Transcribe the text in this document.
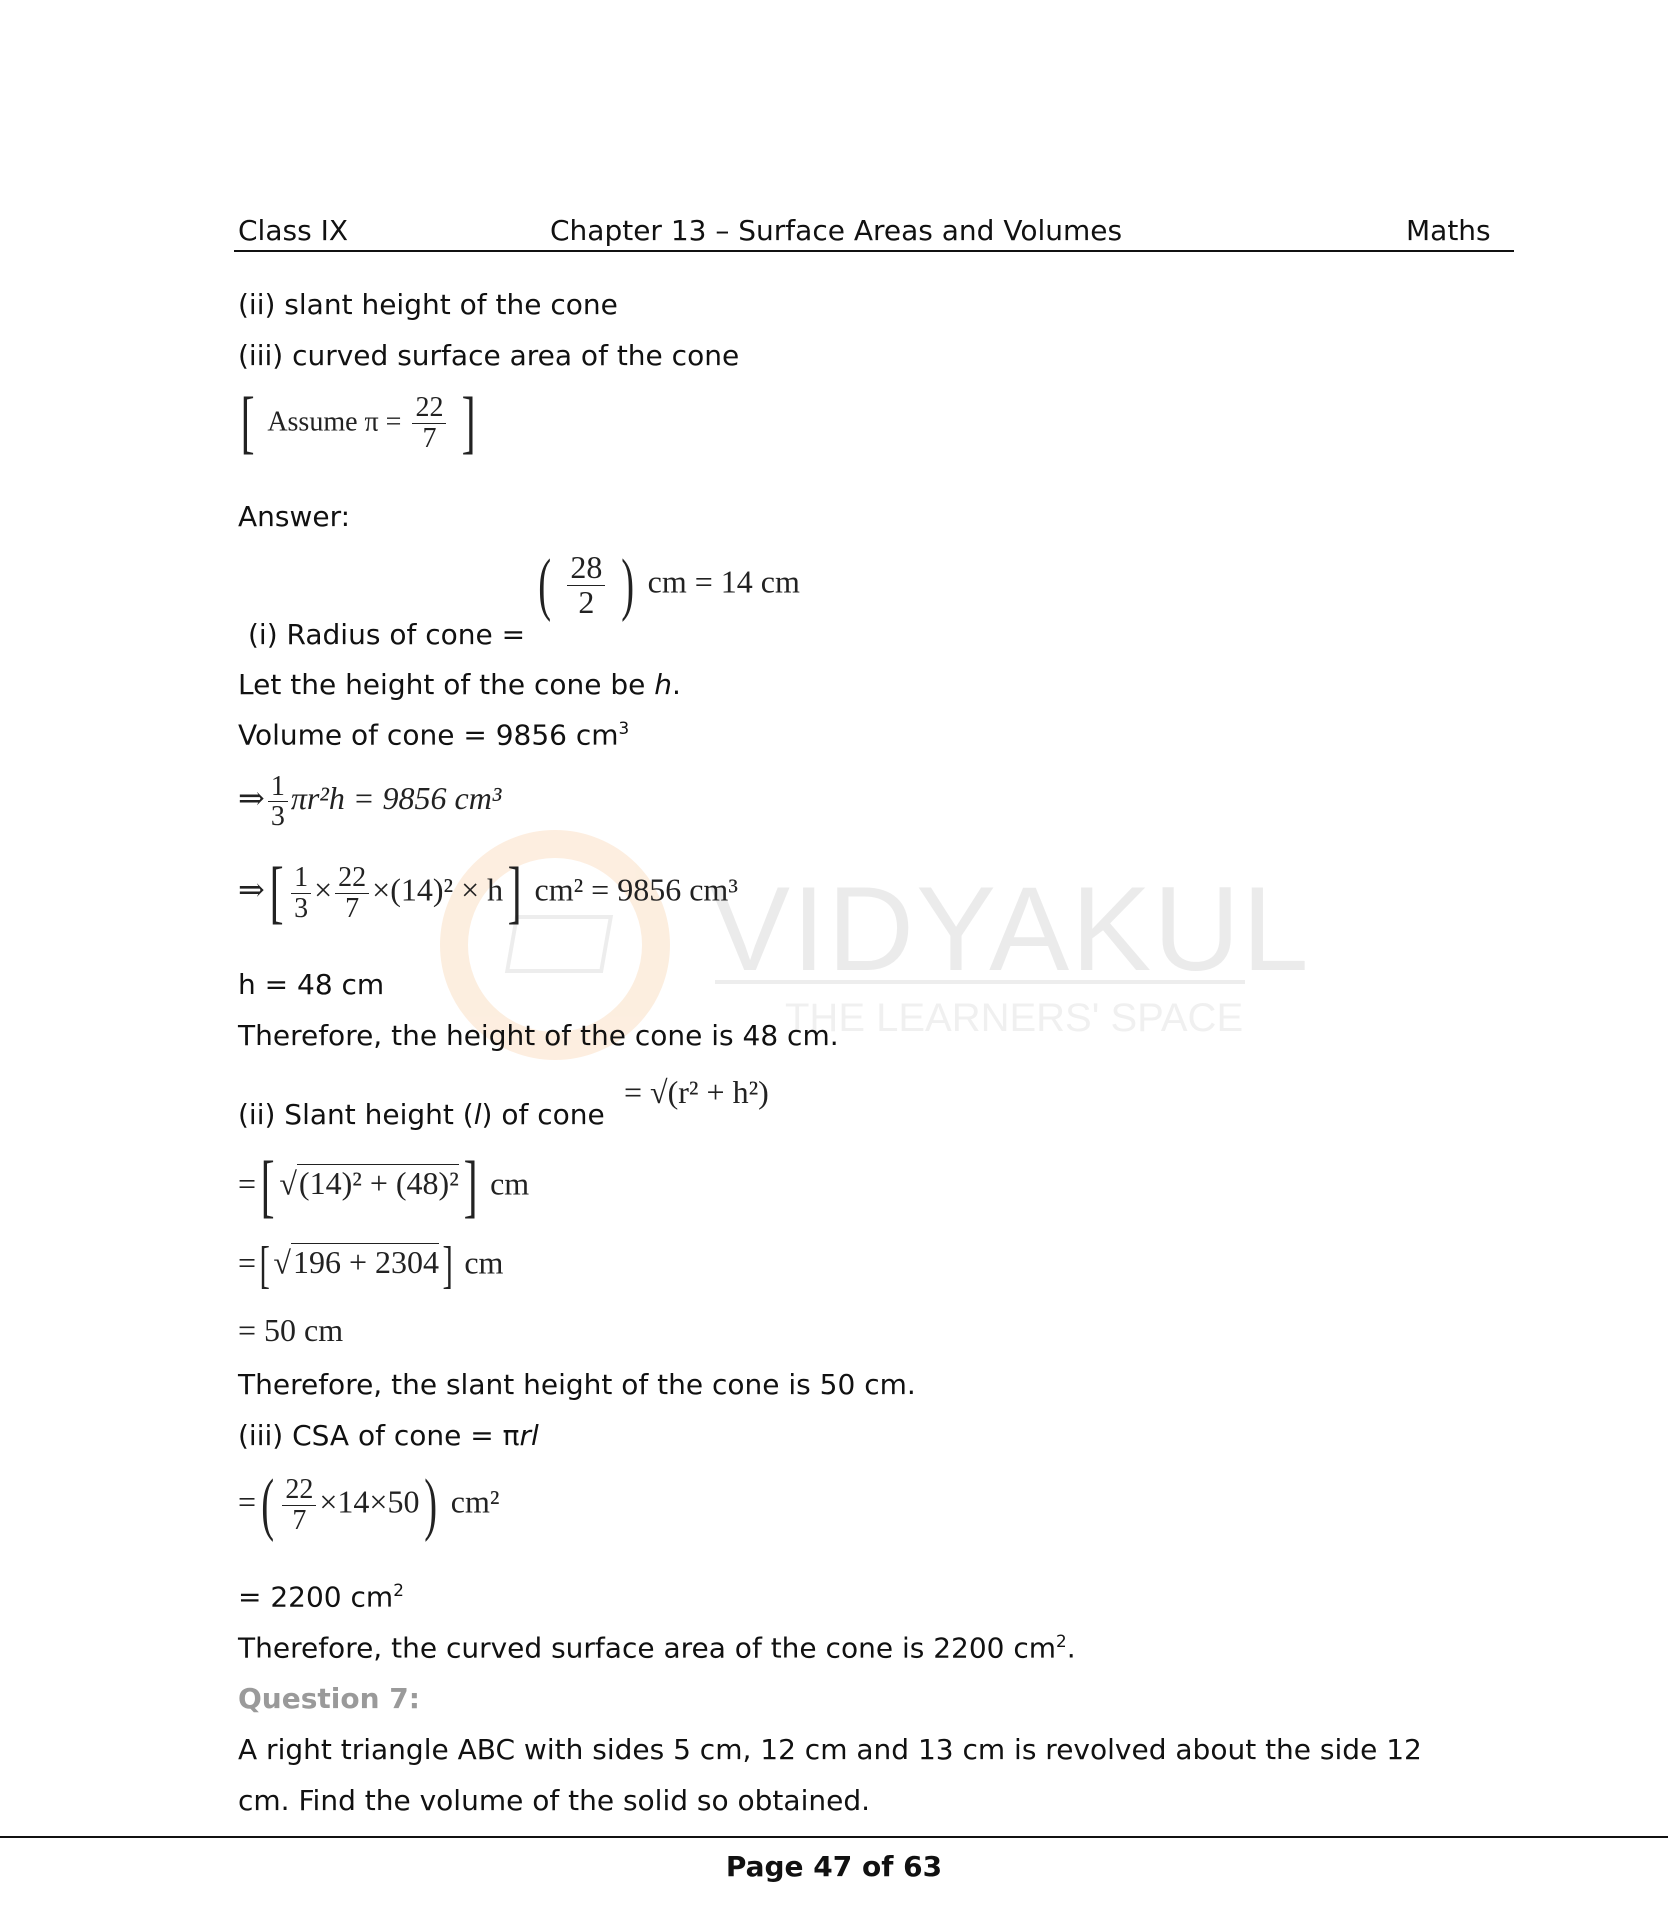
VIDYAKUL
THE LEARNERS' SPACE
Class IX	Chapter 13 – Surface Areas and Volumes	Maths
(ii) slant height of the cone
(iii) curved surface area of the cone
[ Assume $\pi = \frac{22}{7}$ ]
Answer:
(i) Radius of cone =
( $\frac{28}{2}$ ) cm = 14 cm
Let the height of the cone be h.
Volume of cone = 9856 $cm^3$
⇒ $\frac{1}{3} \pi r^2h = 9856$ cm³
⇒[ $\frac{1}{3} \times \frac{22}{7} \times(14)^2 \times h$] cm² = 9856 cm³
h = 48 cm
Therefore, the height of the cone is 48 cm.
(ii) Slant height (l) of cone
= √(r² + h²)
=[ √(14)² + (48)²] cm
=[ √196 + 2304] cm
= 50 cm
Therefore, the slant height of the cone is 50 cm.
(iii) CSA of cone = πrl
=( $\frac{22}{7} \times 14\times 50$) cm²
= 2200 $cm^2$
Therefore, the curved surface area of the cone is 2200 $cm^2$.
Question 7:
A right triangle ABC with sides 5 cm, 12 cm and 13 cm is revolved about the side 12
cm. Find the volume of the solid so obtained.
Page 47 of 63
